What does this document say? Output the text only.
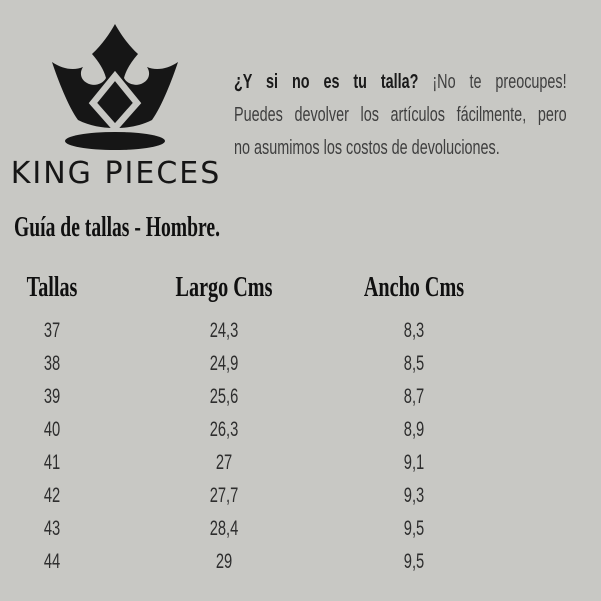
KING PIECES
¿Y si no es tu talla? ¡No te preocupes!
Puedes devolver los artículos fácilmente, pero
no asumimos los costos de devoluciones.
Guía de tallas - Hombre.
Tallas	Largo Cms	Ancho Cms
37	24,3	8,3
38	24,9	8,5
39	25,6	8,7
40	26,3	8,9
41	27	9,1
42	27,7	9,3
43	28,4	9,5
44	29	9,5
